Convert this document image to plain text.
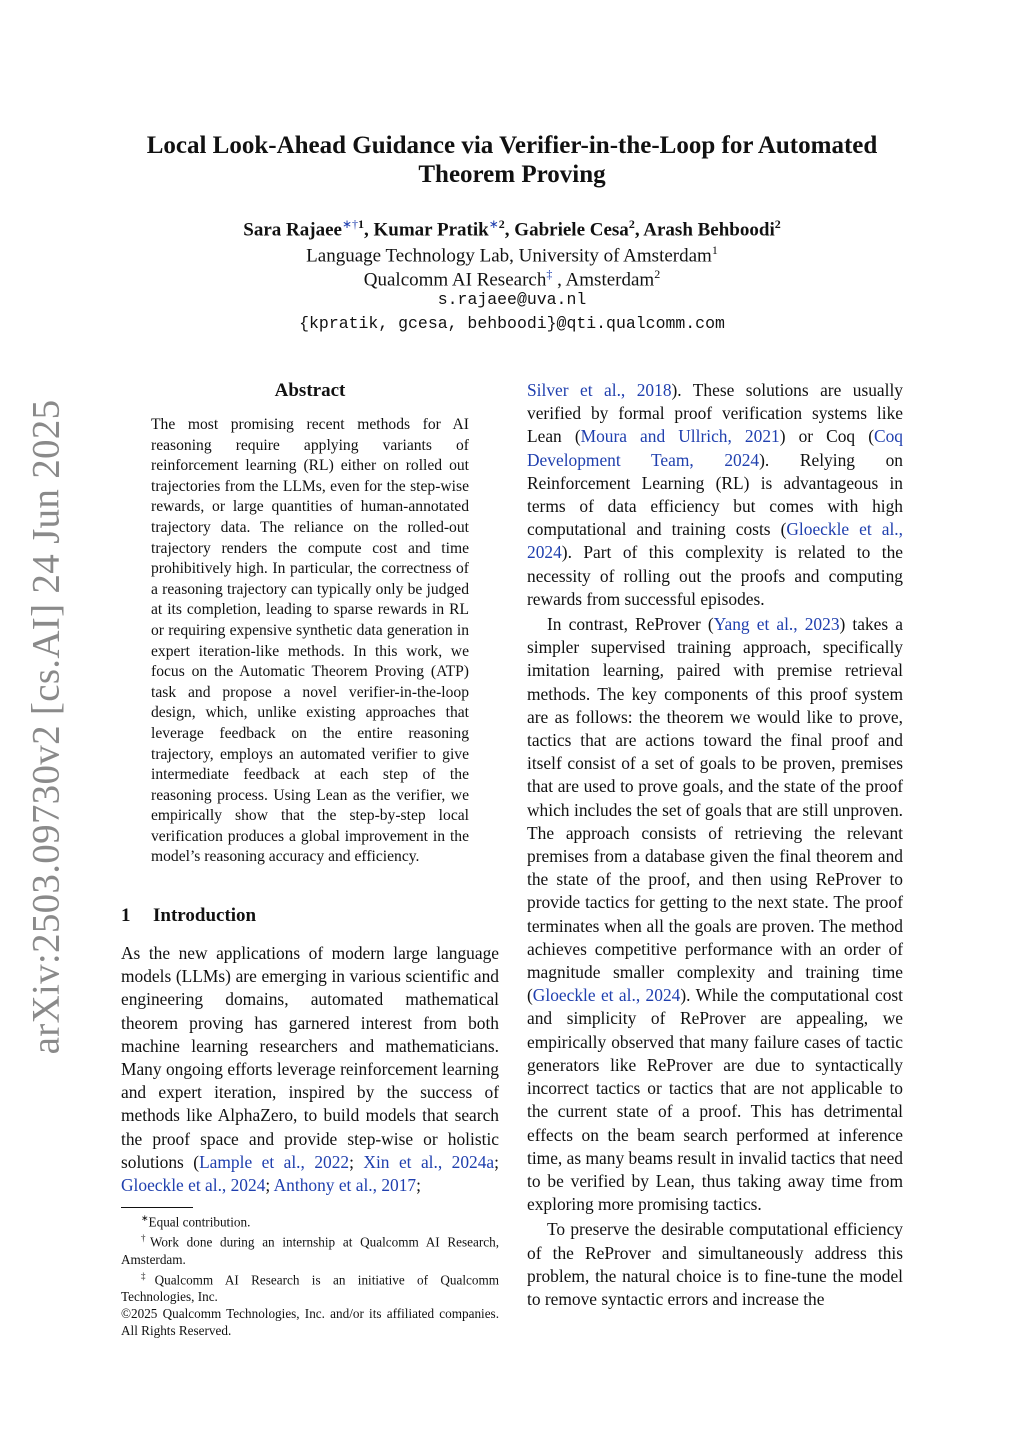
arXiv:2503.09730v2 [cs.AI] 24 Jun 2025
Local Look-Ahead Guidance via Verifier-in-the-Loop for Automated Theorem Proving
Sara Rajaee$^{∗\dagger 1}$, Kumar Pratik$^{∗2}$, Gabriele Cesa$^2$, Arash Behboodi$^2$
Language Technology Lab, University of Amsterdam$^1$
Qualcomm AI Research‡ , Amsterdam$^2$
s.rajaee@uva.nl
{kpratik, gcesa, behboodi}@qti.qualcomm.com
Abstract

The most promising recent methods for AI reasoning require applying variants of reinforcement learning (RL) either on rolled out trajectories from the LLMs, even for the step-wise rewards, or large quantities of human-annotated trajectory data. The reliance on the rolled-out trajectory renders the compute cost and time prohibitively high. In particular, the correctness of a reasoning trajectory can typically only be judged at its completion, leading to sparse rewards in RL or requiring expensive synthetic data generation in expert iteration-like methods. In this work, we focus on the Automatic Theorem Proving (ATP) task and propose a novel verifier-in-the-loop design, which, unlike existing approaches that leverage feedback on the entire reasoning trajectory, employs an automated verifier to give intermediate feedback at each step of the reasoning process. Using Lean as the verifier, we empirically show that the step-by-step local verification produces a global improvement in the model’s reasoning accuracy and efficiency.

1 Introduction

As the new applications of modern large language models (LLMs) are emerging in various scientific and engineering domains, automated mathematical theorem proving has garnered interest from both machine learning researchers and mathematicians. Many ongoing efforts leverage reinforcement learning and expert iteration, inspired by the success of methods like AlphaZero, to build models that search the proof space and provide step-wise or holistic solutions (Lample et al., 2022; Xin et al., 2024a; Gloeckle et al., 2024; Anthony et al., 2017;

Silver et al., 2018). These solutions are usually verified by formal proof verification systems like Lean (Moura and Ullrich, 2021) or Coq (Coq Development Team, 2024). Relying on Reinforcement Learning (RL) is advantageous in terms of data efficiency but comes with high computational and training costs (Gloeckle et al., 2024). Part of this complexity is related to the necessity of rolling out the proofs and computing rewards from successful episodes.

In contrast, ReProver (Yang et al., 2023) takes a simpler supervised training approach, specifically imitation learning, paired with premise retrieval methods. The key components of this proof system are as follows: the theorem we would like to prove, tactics that are actions toward the final proof and itself consist of a set of goals to be proven, premises that are used to prove goals, and the state of the proof which includes the set of goals that are still unproven. The approach consists of retrieving the relevant premises from a database given the final theorem and the state of the proof, and then using ReProver to provide tactics for getting to the next state. The proof terminates when all the goals are proven. The method achieves competitive performance with an order of magnitude smaller complexity and training time (Gloeckle et al., 2024). While the computational cost and simplicity of ReProver are appealing, we empirically observed that many failure cases of tactic generators like ReProver are due to syntactically incorrect tactics or tactics that are not applicable to the current state of a proof. This has detrimental effects on the beam search performed at inference time, as many beams result in invalid tactics that need to be verified by Lean, thus taking away time from exploring more promising tactics.

To preserve the desirable computational efficiency of the ReProver and simultaneously address this problem, the natural choice is to fine-tune the model to remove syntactic errors and increase the

∗Equal contribution.
†Work done during an internship at Qualcomm AI Research, Amsterdam.
‡Qualcomm AI Research is an initiative of Qualcomm Technologies, Inc.
©2025 Qualcomm Technologies, Inc. and/or its affiliated companies. All Rights Reserved.
